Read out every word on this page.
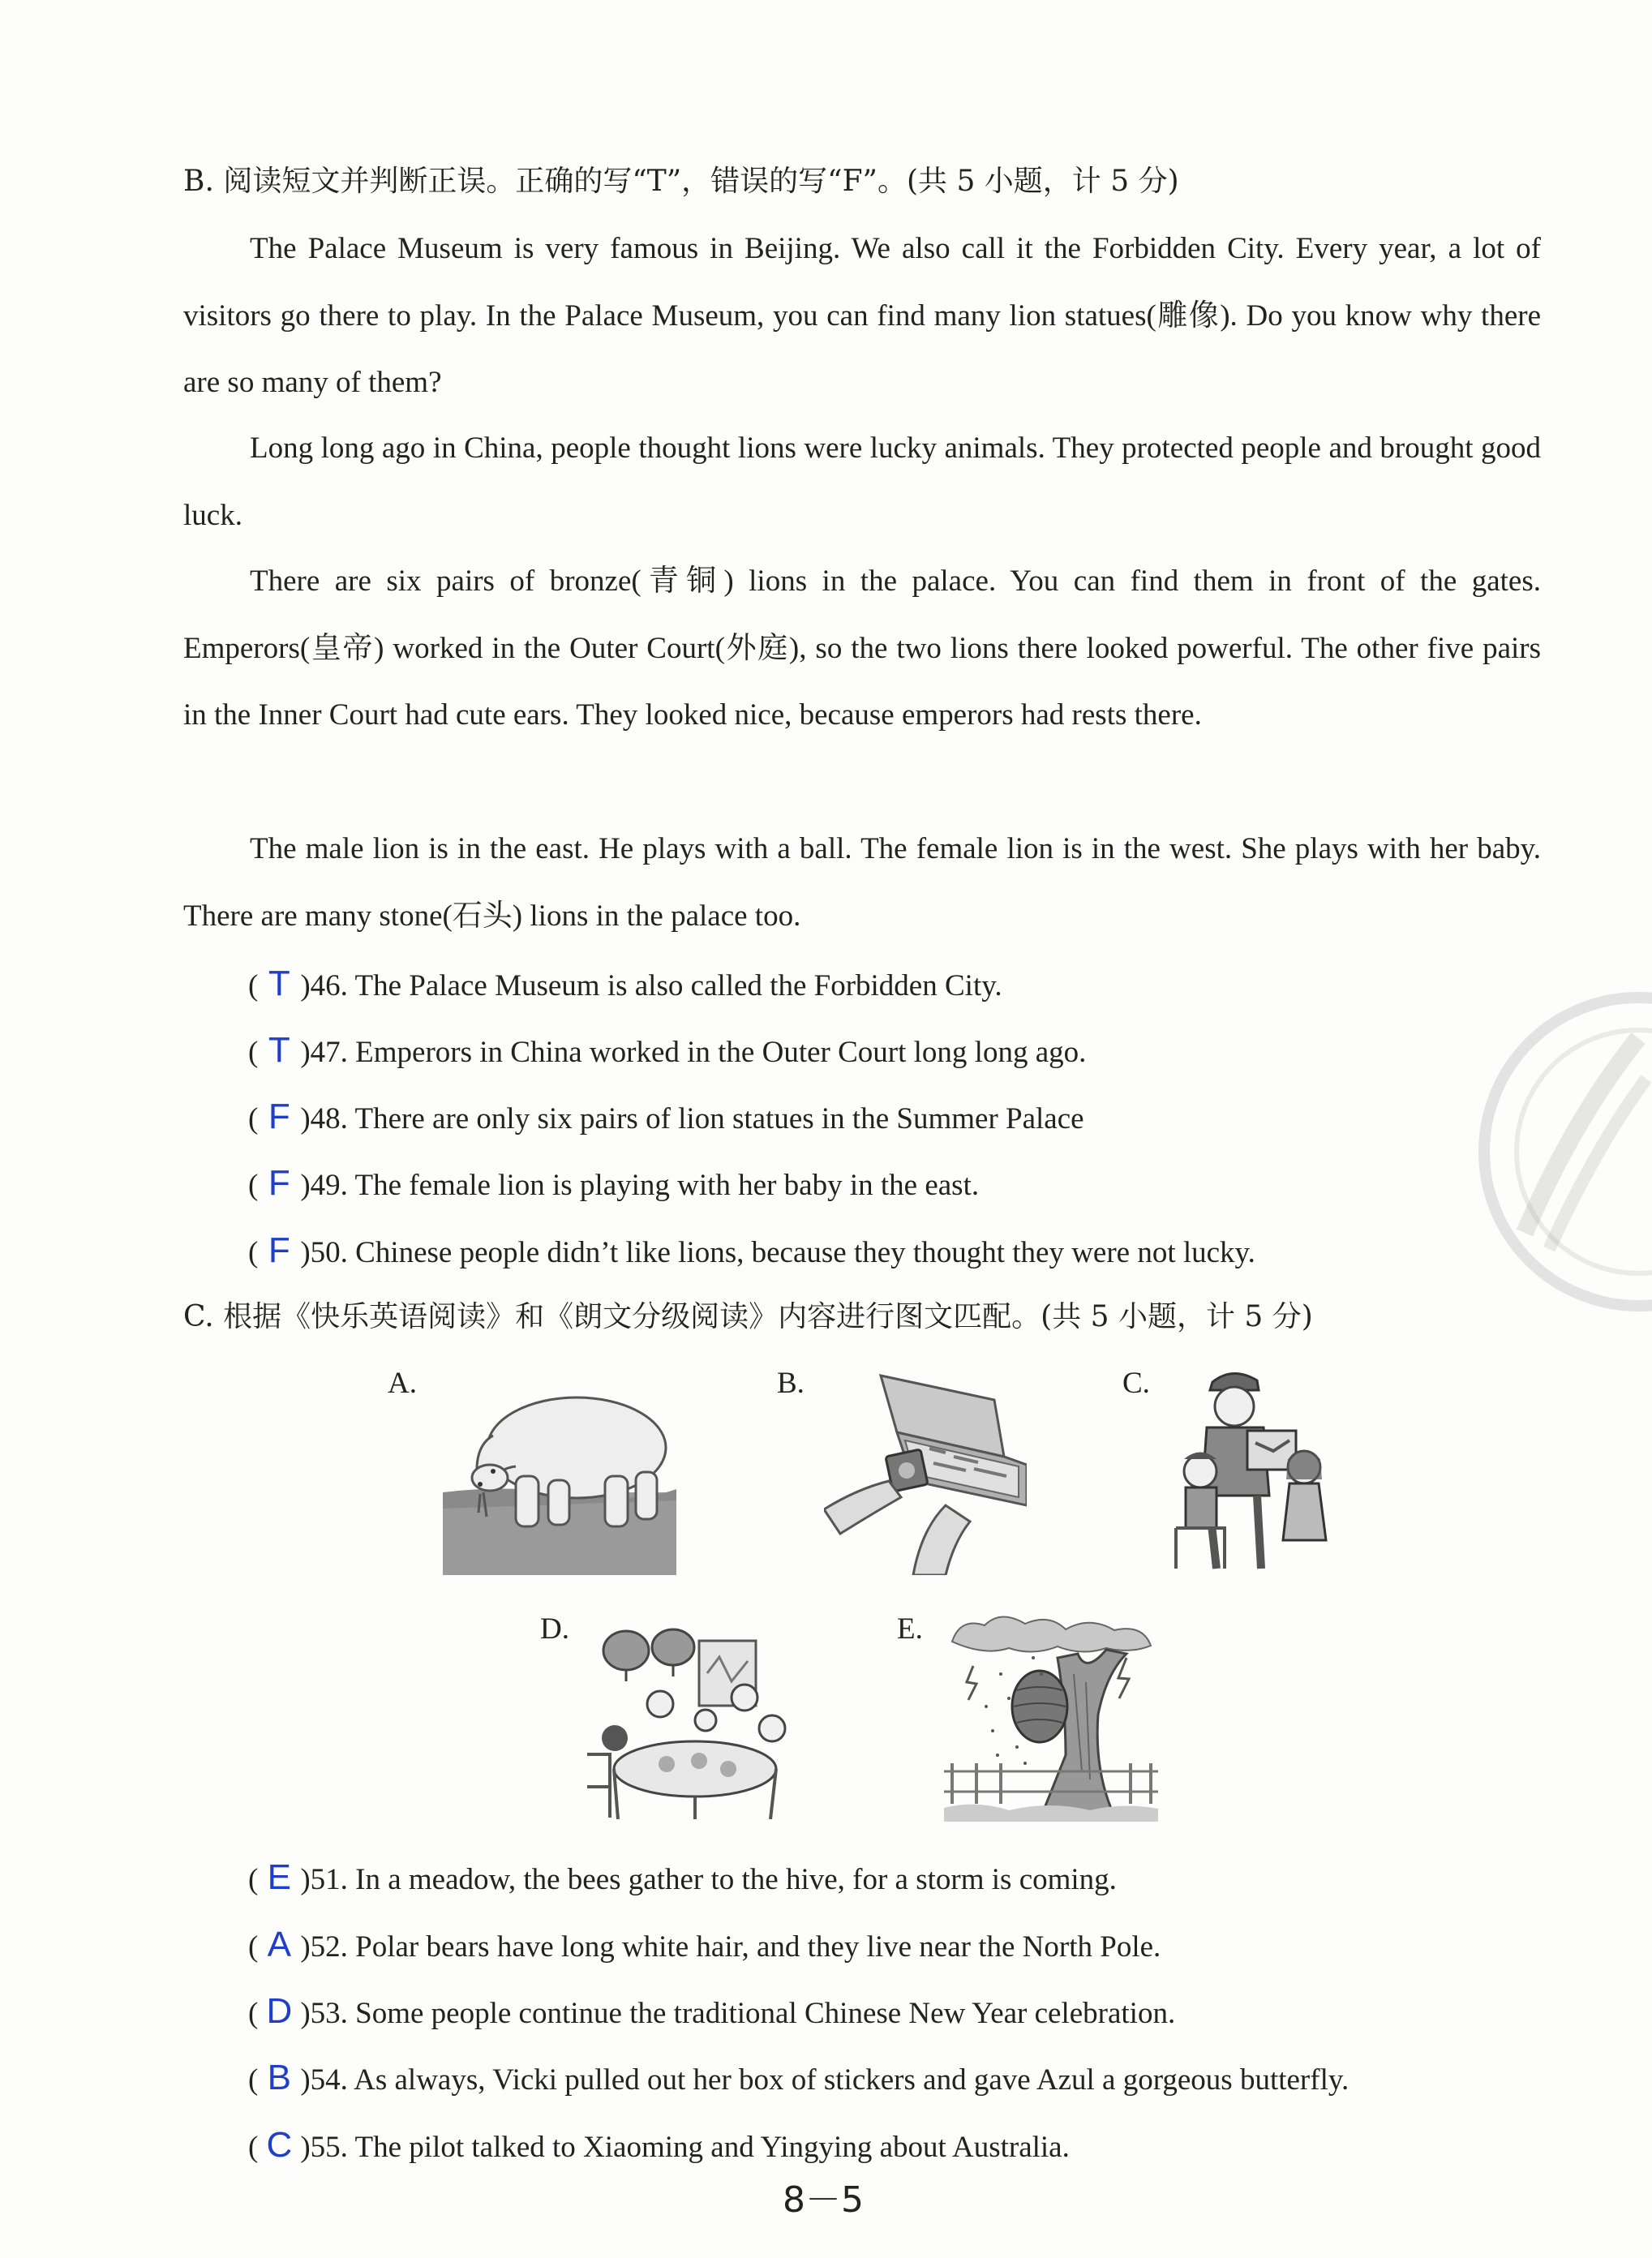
B. 阅读短文并判断正误。正确的写“T”，错误的写“F”。(共 5 小题，计 5 分)

The Palace Museum is very famous in Beijing. We also call it the Forbidden City. Every year, a lot of visitors go there to play. In the Palace Museum, you can find many lion statues(雕像). Do you know why there are so many of them?

Long long ago in China, people thought lions were lucky animals. They protected people and brought good luck.

There are six pairs of bronze(青铜) lions in the palace. You can find them in front of the gates. Emperors(皇帝) worked in the Outer Court(外庭), so the two lions there looked powerful. The other five pairs in the Inner Court had cute ears. They looked nice, because emperors had rests there.

The male lion is in the east. He plays with a ball. The female lion is in the west. She plays with her baby. There are many stone(石头) lions in the palace too.

( T )46. The Palace Museum is also called the Forbidden City.
( T )47. Emperors in China worked in the Outer Court long long ago.
( F )48. There are only six pairs of lion statues in the Summer Palace
( F )49. The female lion is playing with her baby in the east.
( F )50. Chinese people didn’t like lions, because they thought they were not lucky.
C. 根据《快乐英语阅读》和《朗文分级阅读》内容进行图文匹配。(共 5 小题，计 5 分)
A.	B.	C.
D.	E.
( E )51. In a meadow, the bees gather to the hive, for a storm is coming.
( A )52. Polar bears have long white hair, and they live near the North Pole.
( D )53. Some people continue the traditional Chinese New Year celebration.
( B )54. As always, Vicki pulled out her box of stickers and gave Azul a gorgeous butterfly.
( C )55. The pilot talked to Xiaoming and Yingying about Australia.
8－5
